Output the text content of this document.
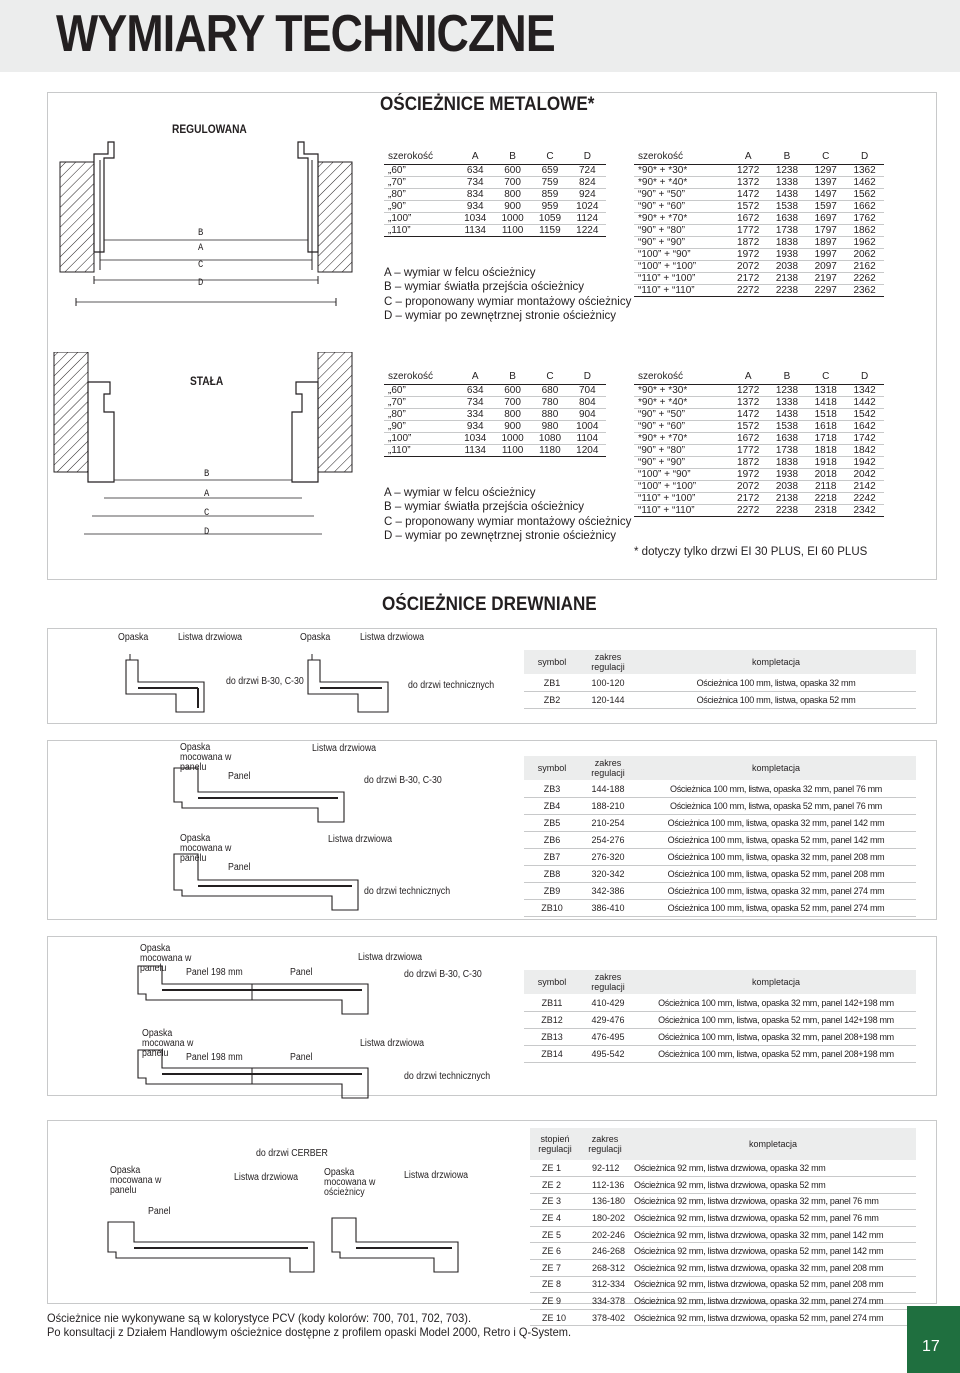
WYMIARY TECHNICZNE
OŚCIEŻNICE METALOWE*
REGULOWANA
B
A
C
D
szerokość	A	B	C	D
„60”	634	600	659	724
„70”	734	700	759	824
„80”	834	800	859	924
„90”	934	900	959	1024
„100”	1034	1000	1059	1124
„110”	1134	1100	1159	1224
szerokość	A	B	C	D
*90* + *30*	1272	1238	1297	1362
*90* + *40*	1372	1338	1397	1462
“90” + “50”	1472	1438	1497	1562
“90” + “60”	1572	1538	1597	1662
*90* + *70*	1672	1638	1697	1762
“90” + “80”	1772	1738	1797	1862
“90” + “90”	1872	1838	1897	1962
“100” + “90”	1972	1938	1997	2062
“100” + “100”	2072	2038	2097	2162
“110” + “100”	2172	2138	2197	2262
“110” + “110”	2272	2238	2297	2362
A – wymiar w felcu ościeżnicy
B – wymiar światła przejścia ościeżnicy
C – proponowany wymiar montażowy ościeżnicy
D – wymiar po zewnętrznej stronie ościeżnicy
STAŁA
B
A
C
D
szerokość	A	B	C	D
„60”	634	600	680	704
„70”	734	700	780	804
„80”	334	800	880	904
„90”	934	900	980	1004
„100”	1034	1000	1080	1104
„110”	1134	1100	1180	1204
szerokość	A	B	C	D
*90* + *30*	1272	1238	1318	1342
*90* + *40*	1372	1338	1418	1442
“90” + “50”	1472	1438	1518	1542
“90” + “60”	1572	1538	1618	1642
*90* + *70*	1672	1638	1718	1742
“90” + “80”	1772	1738	1818	1842
“90” + “90”	1872	1838	1918	1942
“100” + “90”	1972	1938	2018	2042
“100” + “100”	2072	2038	2118	2142
“110” + “100”	2172	2138	2218	2242
“110” + “110”	2272	2238	2318	2342
A – wymiar w felcu ościeżnicy
B – wymiar światła przejścia ościeżnicy
C – proponowany wymiar montażowy ościeżnicy
D – wymiar po zewnętrznej stronie ościeżnicy
* dotyczy tylko drzwi EI 30 PLUS, EI 60 PLUS
OŚCIEŻNICE DREWNIANE
Opaska	Listwa drzwiowa	Opaska	Listwa drzwiowa
do drzwi B-30, C-30	do drzwi technicznych
symbol	zakres regulacji	kompletacja
ZB1	100-120	Ościeżnica 100 mm, listwa, opaska 32 mm
ZB2	120-144	Ościeżnica 100 mm, listwa, opaska 52 mm
Opaska mocowana w panelu
Listwa drzwiowa
Panel	do drzwi B-30, C-30
Opaska mocowana w panelu
Listwa drzwiowa
Panel
do drzwi technicznych
symbol	zakres regulacji	kompletacja
ZB3	144-188	Ościeżnica 100 mm, listwa, opaska 32 mm, panel 76 mm
ZB4	188-210	Ościeżnica 100 mm, listwa, opaska 52 mm, panel 76 mm
ZB5	210-254	Ościeżnica 100 mm, listwa, opaska 32 mm, panel 142 mm
ZB6	254-276	Ościeżnica 100 mm, listwa, opaska 52 mm, panel 142 mm
ZB7	276-320	Ościeżnica 100 mm, listwa, opaska 32 mm, panel 208 mm
ZB8	320-342	Ościeżnica 100 mm, listwa, opaska 52 mm, panel 208 mm
ZB9	342-386	Ościeżnica 100 mm, listwa, opaska 32 mm, panel 274 mm
ZB10	386-410	Ościeżnica 100 mm, listwa, opaska 52 mm, panel 274 mm
Opaska mocowana w panelu	Panel 198 mm	Panel
Listwa drzwiowa
do drzwi B-30, C-30
Opaska mocowana w panelu	Panel 198 mm	Panel
Listwa drzwiowa
do drzwi technicznych
symbol	zakres regulacji	kompletacja
ZB11	410-429	Ościeżnica 100 mm, listwa, opaska 32 mm, panel 142+198 mm
ZB12	429-476	Ościeżnica 100 mm, listwa, opaska 52 mm, panel 142+198 mm
ZB13	476-495	Ościeżnica 100 mm, listwa, opaska 32 mm, panel 208+198 mm
ZB14	495-542	Ościeżnica 100 mm, listwa, opaska 52 mm, panel 208+198 mm
do drzwi CERBER
Opaska mocowana w panelu
Listwa drzwiowa
Panel
Opaska mocowana w ościeżnicy
Listwa drzwiowa
stopień regulacji	zakres regulacji	kompletacja
ZE 1	92-112	Ościeżnica 92 mm, listwa drzwiowa, opaska 32 mm
ZE 2	112-136	Ościeżnica 92 mm, listwa drzwiowa, opaska 52 mm
ZE 3	136-180	Ościeżnica 92 mm, listwa drzwiowa, opaska 32 mm, panel 76 mm
ZE 4	180-202	Ościeżnica 92 mm, listwa drzwiowa, opaska 52 mm, panel 76 mm
ZE 5	202-246	Ościeżnica 92 mm, listwa drzwiowa, opaska 32 mm, panel 142 mm
ZE 6	246-268	Ościeżnica 92 mm, listwa drzwiowa, opaska 52 mm, panel 142 mm
ZE 7	268-312	Ościeżnica 92 mm, listwa drzwiowa, opaska 32 mm, panel 208 mm
ZE 8	312-334	Ościeżnica 92 mm, listwa drzwiowa, opaska 52 mm, panel 208 mm
ZE 9	334-378	Ościeżnica 92 mm, listwa drzwiowa, opaska 32 mm, panel 274 mm
ZE 10	378-402	Ościeżnica 92 mm, listwa drzwiowa, opaska 52 mm, panel 274 mm
Ościeżnice nie wykonywane są w kolorystyce PCV (kody kolorów: 700, 701, 702, 703).
Po konsultacji z Działem Handlowym ościeżnice dostępne z profilem opaski Model 2000, Retro i Q-System.
17
